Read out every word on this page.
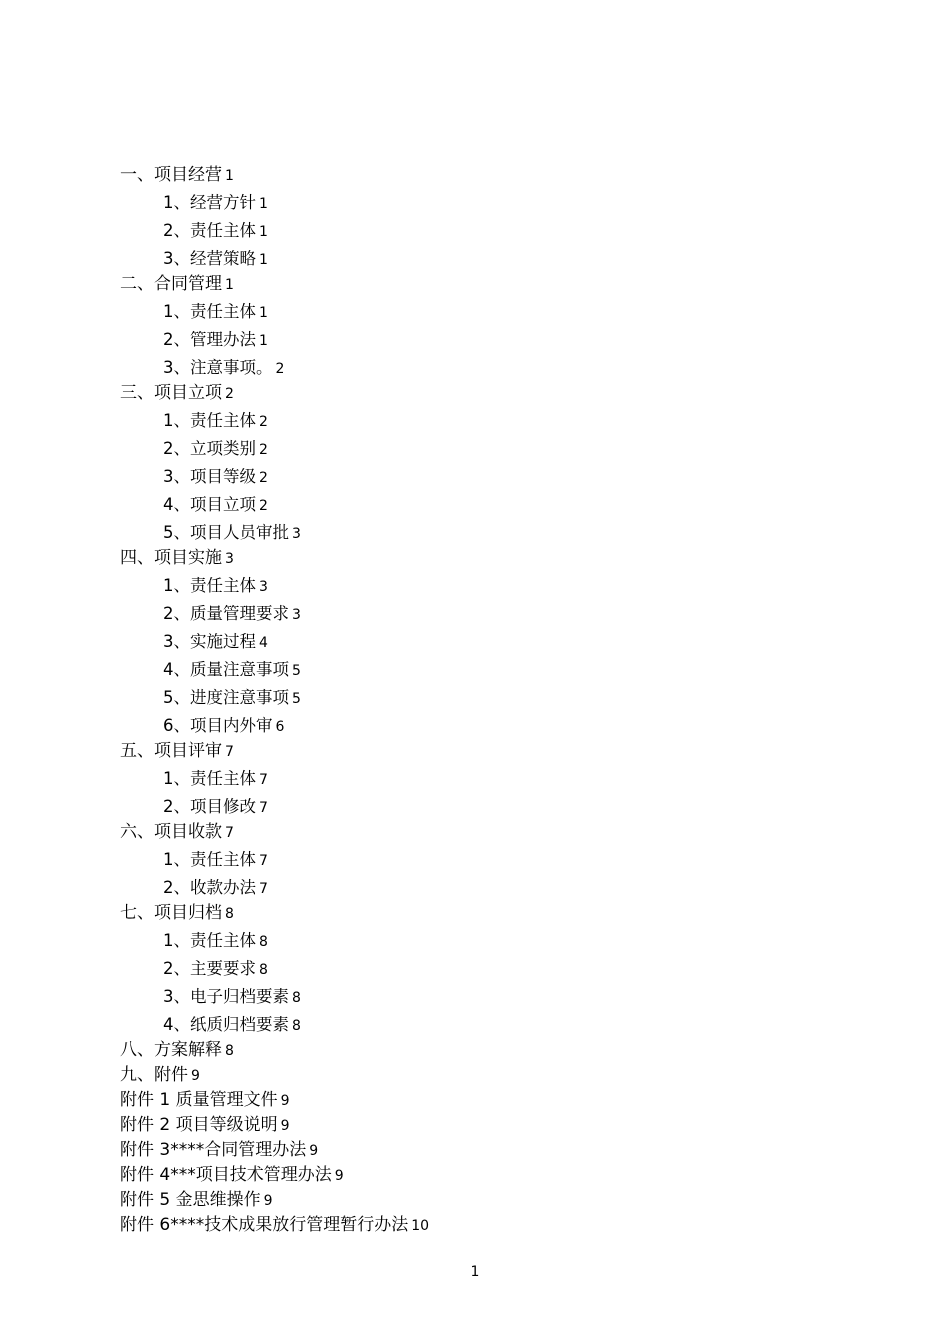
一、项目经营 1
1、经营方针 1
2、责任主体 1
3、经营策略 1
二、合同管理 1
1、责任主体 1
2、管理办法 1
3、注意事项。 2
三、项目立项 2
1、责任主体 2
2、立项类别 2
3、项目等级 2
4、项目立项 2
5、项目人员审批 3
四、项目实施 3
1、责任主体 3
2、质量管理要求 3
3、实施过程 4
4、质量注意事项 5
5、进度注意事项 5
6、项目内外审 6
五、项目评审 7
1、责任主体 7
2、项目修改 7
六、项目收款 7
1、责任主体 7
2、收款办法 7
七、项目归档 8
1、责任主体 8
2、主要要求 8
3、电子归档要素 8
4、纸质归档要素 8
八、方案解释 8
九、附件 9
附件 1 质量管理文件 9
附件 2 项目等级说明 9
附件 3****合同管理办法 9
附件 4***项目技术管理办法 9
附件 5 金思维操作 9
附件 6****技术成果放行管理暂行办法 10
1
